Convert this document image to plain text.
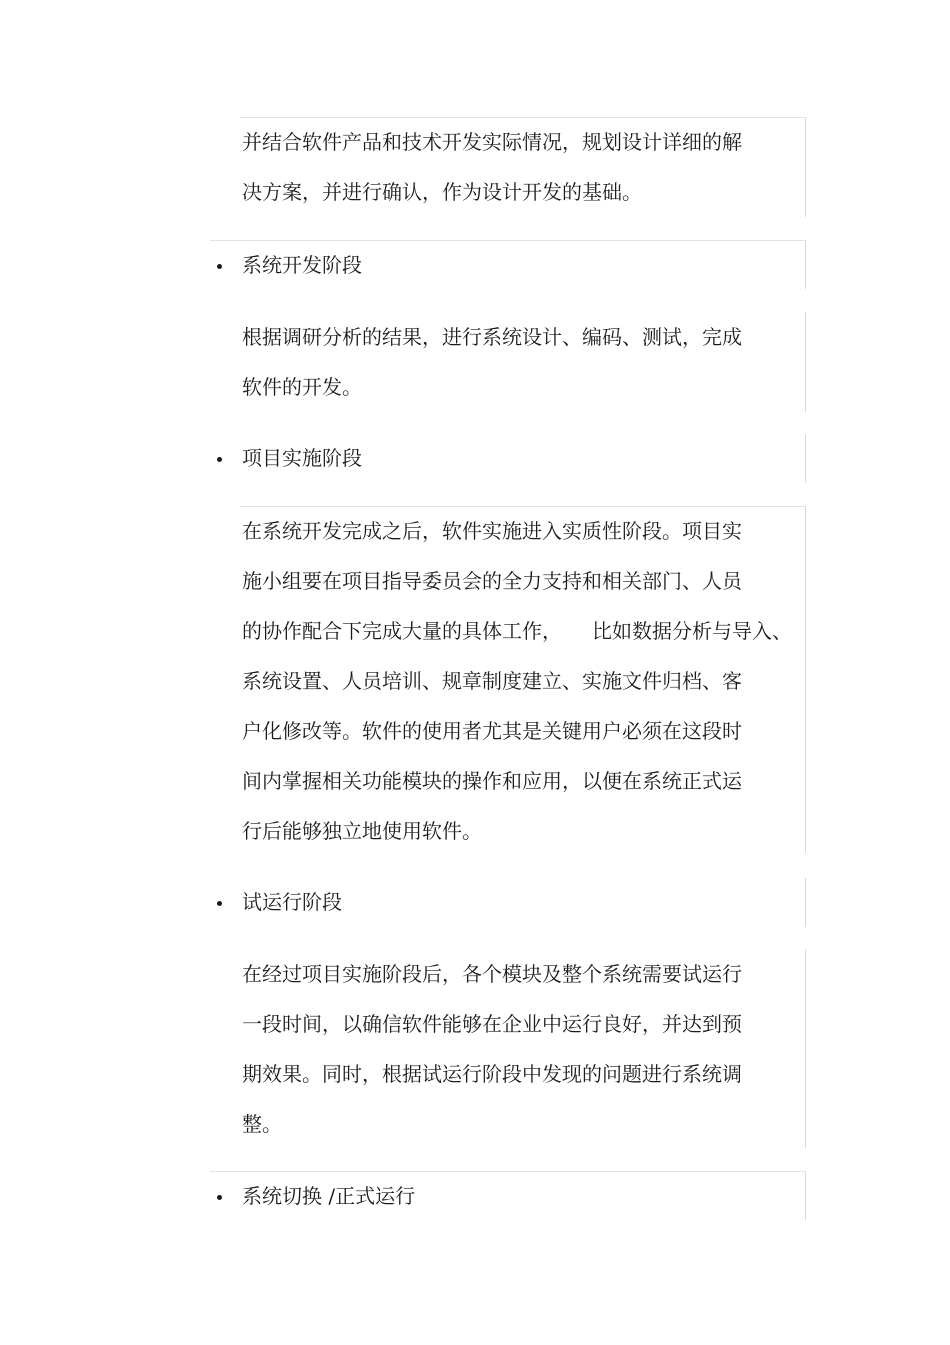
并结合软件产品和技术开发实际情况，规划设计详细的解
决方案，并进行确认，作为设计开发的基础。
系统开发阶段
根据调研分析的结果，进行系统设计、编码、测试，完成
软件的开发。
项目实施阶段
在系统开发完成之后，软件实施进入实质性阶段。项目实
施小组要在项目指导委员会的全力支持和相关部门、人员
的协作配合下完成大量的具体工作，　　比如数据分析与导入、
系统设置、人员培训、规章制度建立、实施文件归档、客
户化修改等。软件的使用者尤其是关键用户必须在这段时
间内掌握相关功能模块的操作和应用，以便在系统正式运
行后能够独立地使用软件。
试运行阶段
在经过项目实施阶段后，各个模块及整个系统需要试运行
一段时间，以确信软件能够在企业中运行良好，并达到预
期效果。同时，根据试运行阶段中发现的问题进行系统调
整。
系统切换 /正式运行
